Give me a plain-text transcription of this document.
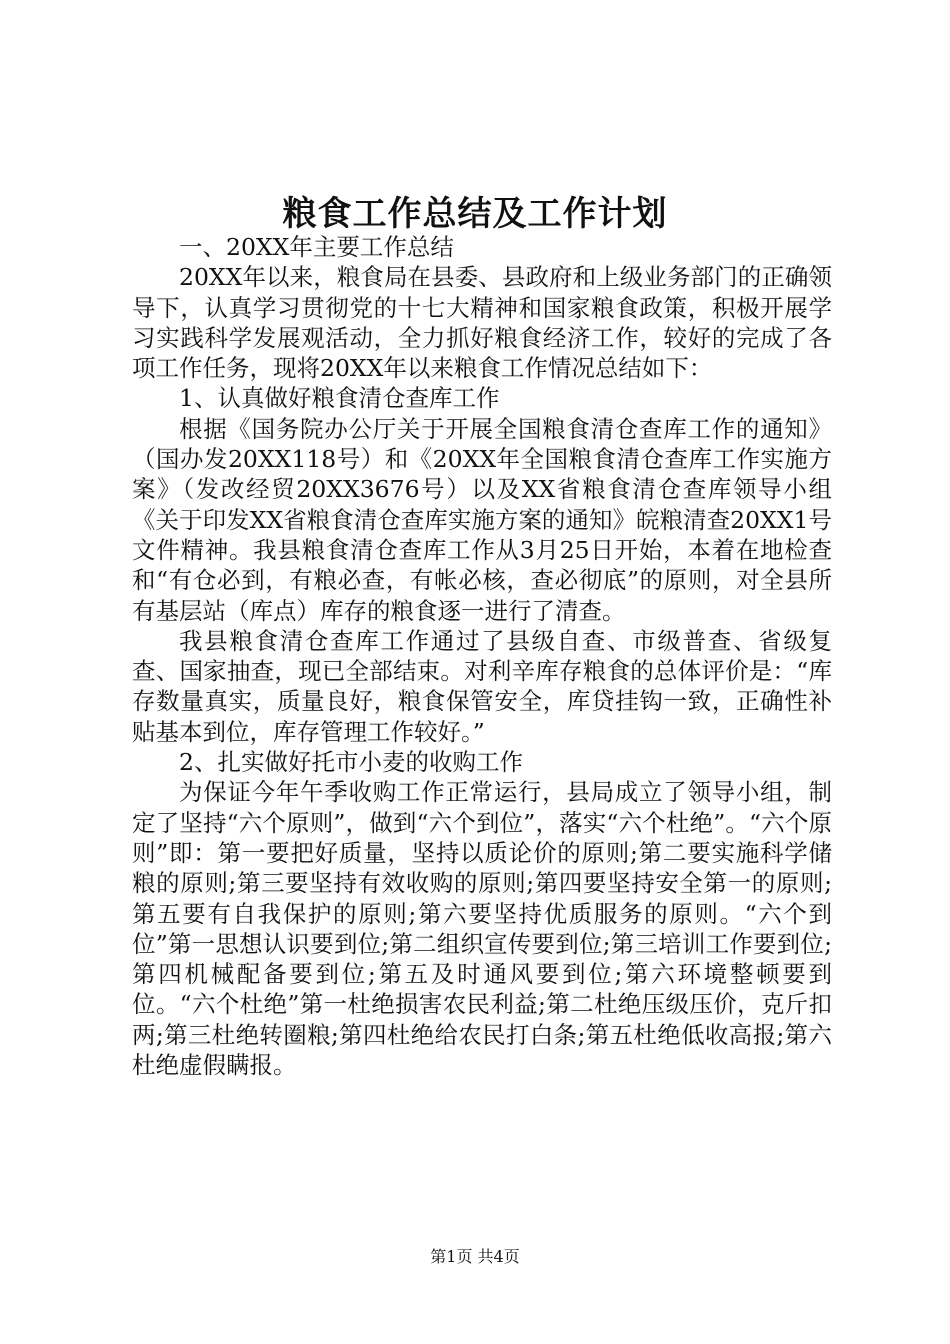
粮食工作总结及工作计划

一、20XX年主要工作总结

20XX年以来，粮食局在县委、县政府和上级业务部门的正确领导下，认真学习贯彻党的十七大精神和国家粮食政策，积极开展学习实践科学发展观活动，全力抓好粮食经济工作，较好的完成了各项工作任务，现将20XX年以来粮食工作情况总结如下：

1、认真做好粮食清仓查库工作

根据《国务院办公厅关于开展全国粮食清仓查库工作的通知》（国办发20XX118号）和《20XX年全国粮食清仓查库工作实施方案》（发改经贸20XX3676号）以及XX省粮食清仓查库领导小组《关于印发XX省粮食清仓查库实施方案的通知》皖粮清查20XX1号文件精神。我县粮食清仓查库工作从3月25日开始，本着在地检查和“有仓必到，有粮必查，有帐必核，查必彻底”的原则，对全县所有基层站（库点）库存的粮食逐一进行了清查。

我县粮食清仓查库工作通过了县级自查、市级普查、省级复查、国家抽查，现已全部结束。对利辛库存粮食的总体评价是：“库存数量真实，质量良好，粮食保管安全，库贷挂钩一致，正确性补贴基本到位，库存管理工作较好。”

2、扎实做好托市小麦的收购工作

为保证今年午季收购工作正常运行，县局成立了领导小组，制定了坚持“六个原则”，做到“六个到位”，落实“六个杜绝”。“六个原则”即：第一要把好质量，坚持以质论价的原则;第二要实施科学储粮的原则;第三要坚持有效收购的原则;第四要坚持安全第一的原则;第五要有自我保护的原则;第六要坚持优质服务的原则。“六个到位”第一思想认识要到位;第二组织宣传要到位;第三培训工作要到位;第四机械配备要到位;第五及时通风要到位;第六环境整顿要到位。“六个杜绝”第一杜绝损害农民利益;第二杜绝压级压价，克斤扣两;第三杜绝转圈粮;第四杜绝给农民打白条;第五杜绝低收高报;第六杜绝虚假瞒报。

第1页 共4页
